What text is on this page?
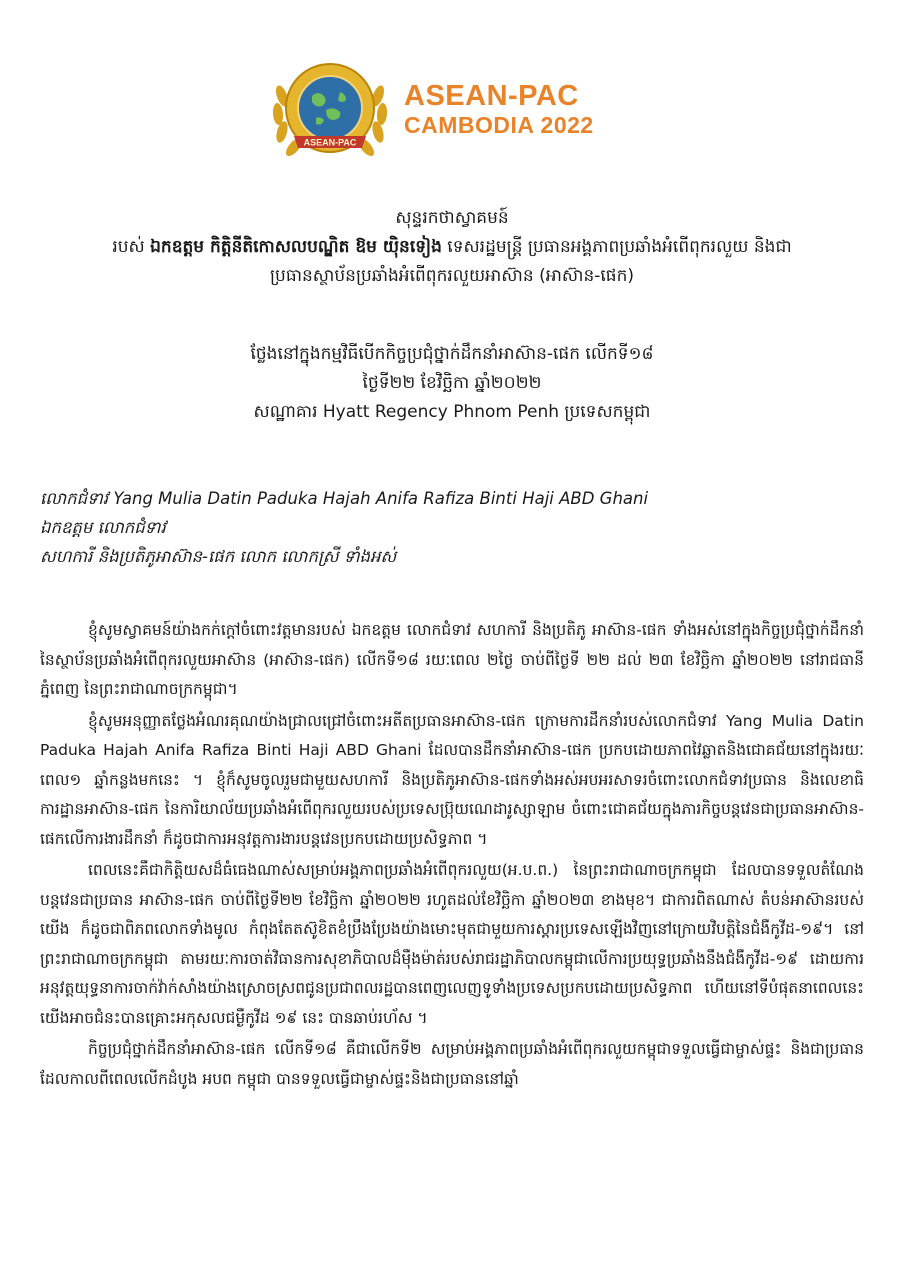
ASEAN-PAC
ASEAN-PAC
CAMBODIA 2022
សុន្ទរកថាស្វាគមន៍
របស់ ឯកឧត្តម កិត្តិនីតិកោសលបណ្ឌិត ឱម យ៉ិនទៀង ទេសរដ្ឋមន្ត្រី ប្រធានអង្គភាពប្រឆាំងអំពើពុករលួយ និងជា
ប្រធានស្ថាប័នប្រឆាំងអំពើពុករលួយអាស៊ាន (អាស៊ាន-ផេក)
ថ្លែងនៅក្នុងកម្មវិធីបើកកិច្ចប្រជុំថ្នាក់ដឹកនាំអាស៊ាន-ផេក លើកទី១៨
ថ្ងៃទី២២ ខែវិច្ឆិកា ឆ្នាំ២០២២
សណ្ឋាគារ Hyatt Regency Phnom Penh ប្រទេសកម្ពុជា
លោកជំទាវ Yang Mulia Datin Paduka Hajah Anifa Rafiza Binti Haji ABD Ghani
ឯកឧត្តម លោកជំទាវ
សហការី និងប្រតិភូអាស៊ាន-ផេក លោក លោកស្រី ទាំងអស់

ខ្ញុំសូមស្វាគមន៍យ៉ាងកក់ក្ដៅចំពោះវត្តមានរបស់ ឯកឧត្តម លោកជំទាវ សហការី និងប្រតិភូ អាស៊ាន-ផេក ទាំងអស់នៅក្នុងកិច្ចប្រជុំថ្នាក់ដឹកនាំនៃស្ថាប័នប្រឆាំងអំពើពុករលួយអាស៊ាន (អាស៊ាន-ផេក) លើកទី១៨ រយៈពេល ២ថ្ងៃ ចាប់ពីថ្ងៃទី ២២ ដល់ ២៣ ខែវិច្ឆិកា ឆ្នាំ២០២២ នៅរាជធានីភ្នំពេញ នៃព្រះរាជាណាចក្រកម្ពុជា។

ខ្ញុំសូមអនុញ្ញាតថ្លែងអំណរគុណយ៉ាងជ្រាលជ្រៅចំពោះអតីតប្រធានអាស៊ាន-ផេក ក្រោមការដឹកនាំរបស់លោកជំទាវ Yang Mulia Datin Paduka Hajah Anifa Rafiza Binti Haji ABD Ghani ដែលបានដឹកនាំអាស៊ាន-ផេក ប្រកបដោយភាពវៃឆ្លាតនិងជោគជ័យនៅក្នុងរយៈពេល១ ឆ្នាំកន្លងមកនេះ ។ ខ្ញុំក៏សូមចូលរួមជាមួយសហការី និងប្រតិភូអាស៊ាន-ផេកទាំងអស់អបអរសាទរចំពោះលោកជំទាវប្រធាន និងលេខាធិការដ្ឋានអាស៊ាន-ផេក នៃការិយាល័យប្រឆាំងអំពើពុករលួយរបស់ប្រទេសប្រ៊ុយណេដារូស្សាឡាម ចំពោះជោគជ័យក្នុងភារកិច្ចបន្តវេនជាប្រធានអាស៊ាន-ផេកលើការងារដឹកនាំ ក៏ដូចជាការអនុវត្តការងារបន្តវេនប្រកបដោយប្រសិទ្ធភាព ។

ពេលនេះគឺជាកិត្តិយសដ៏ធំធេងណាស់សម្រាប់អង្គភាពប្រឆាំងអំពើពុករលួយ(អ.ប.ព.) នៃព្រះរាជាណាចក្រកម្ពុជា ដែលបានទទួលតំណែងបន្តវេនជាប្រធាន អាស៊ាន-ផេក ចាប់ពីថ្ងៃទី២២ ខែវិច្ឆិកា ឆ្នាំ២០២២ រហូតដល់ខែវិច្ឆិកា ឆ្នាំ២០២៣ ខាងមុខ។ ជាការពិតណាស់ តំបន់អាស៊ានរបស់យើង ក៏ដូចជាពិភពលោកទាំងមូល កំពុងតែតស៊ូខិតខំប្រឹងប្រែងយ៉ាងមោះមុតជាមួយការស្តារប្រទេសឡើងវិញនៅក្រោយវិបត្តិនៃជំងឺកូវីដ-១៩។ នៅព្រះរាជាណាចក្រកម្ពុជា តាមរយៈការចាត់វិធានការសុខាភិបាលដ៏ម៉ឺងម៉ាត់របស់រាជរដ្ឋាភិបាលកម្ពុជាលើការប្រយុទ្ធប្រឆាំងនឹងជំងឺកូវីដ-១៩ ដោយការអនុវត្តយុទ្ធនាការចាក់វ៉ាក់សាំងយ៉ាងស្រោចស្រពជូនប្រជាពលរដ្ឋបានពេញលេញទូទាំងប្រទេសប្រកបដោយប្រសិទ្ធភាព ហើយនៅទីបំផុតនាពេលនេះយើងអាចជំនះបានគ្រោះអកុសលជម្ងឺកូវីដ ១៩ នេះ បានឆាប់រហ័ស ។

កិច្ចប្រជុំថ្នាក់ដឹកនាំអាស៊ាន-ផេក លើកទី១៨ គឺជាលើកទី២ សម្រាប់អង្គភាពប្រឆាំងអំពើពុករលួយកម្ពុជាទទួលធ្វើជាម្ចាស់ផ្ទះ និងជាប្រធាន ដែលកាលពីពេលលើកដំបូង អបព កម្ពុជា បានទទួលធ្វើជាម្ចាស់ផ្ទះនិងជាប្រធាននៅឆ្នាំ
